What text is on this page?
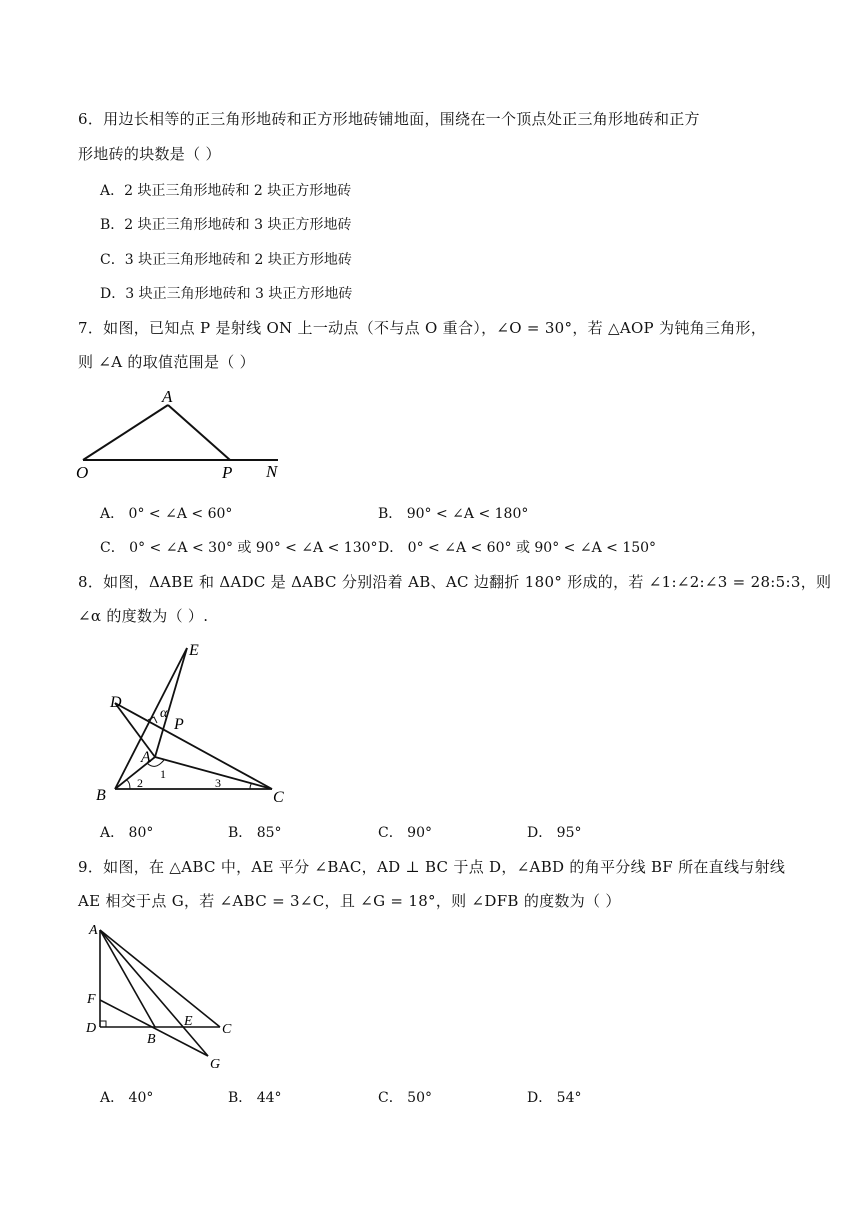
6．用边长相等的正三角形地砖和正方形地砖铺地面，围绕在一个顶点处正三角形地砖和正方
形地砖的块数是（ ）
A．2 块正三角形地砖和 2 块正方形地砖
B．2 块正三角形地砖和 3 块正方形地砖
C．3 块正三角形地砖和 2 块正方形地砖
D．3 块正三角形地砖和 3 块正方形地砖
7．如图，已知点 P 是射线 ON 上一动点（不与点 O 重合），∠O = 30°，若 △AOP 为钝角三角形，
则 ∠A 的取值范围是（ ）
A
O	P N
A． 0° < ∠A < 60°	B． 90° < ∠A < 180°
C． 0° < ∠A < 30° 或 90° < ∠A < 130° D． 0° < ∠A < 60° 或 90° < ∠A < 150°
8．如图，ΔABE 和 ΔADC 是 ΔABC 分别沿着 AB、AC 边翻折 180° 形成的，若 ∠1:∠2:∠3 = 28:5:3，则
∠α 的度数为（ ）.
E
D
α
P
A
1
2	3
B	C
A． 80°	B． 85°	C． 90°	D． 95°
9．如图，在 △ABC 中，AE 平分 ∠BAC，AD ⊥ BC 于点 D，∠ABD 的角平分线 BF 所在直线与射线
AE 相交于点 G，若 ∠ABC = 3∠C，且 ∠G = 18°，则 ∠DFB 的度数为（ ）
A
F
D
B
E
C
G
A． 40°	B． 44°	C． 50°	D． 54°
